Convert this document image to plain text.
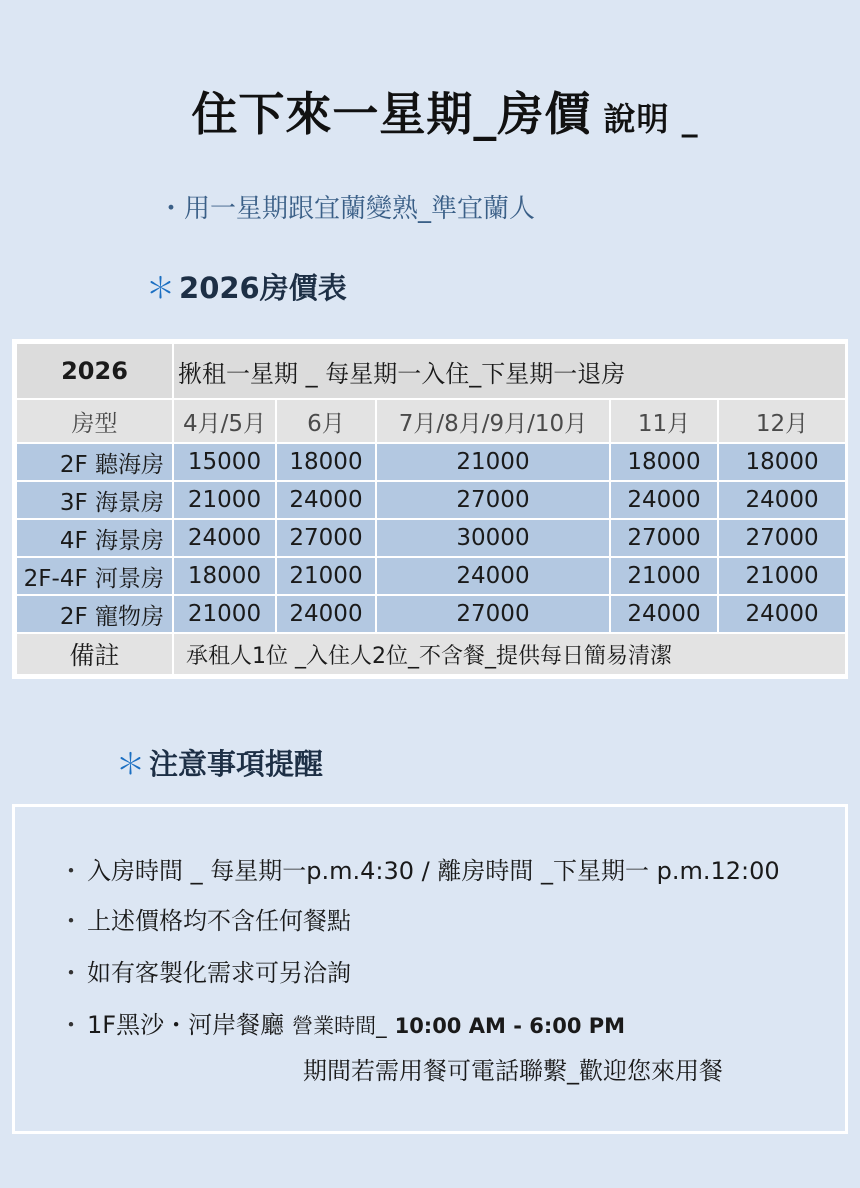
住下來一星期_房價 說明 _
・用一星期跟宜蘭變熟_準宜蘭人
＊ 2026房價表
2026	揪租一星期 _ 每星期一入住_下星期一退房				
房型	4月/5月	6月	7月/8月/9月/10月	11月	12月
2F 聽海房	15000	18000	21000	18000	18000
3F 海景房	21000	24000	27000	24000	24000
4F 海景房	24000	27000	30000	27000	27000
2F-4F 河景房	18000	21000	24000	21000	21000
2F 寵物房	21000	24000	27000	24000	24000
備註	承租人1位 _入住人2位_不含餐_提供每日簡易清潔				
＊ 注意事項提醒
・ 入房時間 _ 每星期一p.m.4:30 / 離房時間 _下星期一 p.m.12:00
・ 上述價格均不含任何餐點
・ 如有客製化需求可另洽詢
・ 1F黑沙・河岸餐廳 營業時間_ 10:00 AM - 6:00 PM
期間若需用餐可電話聯繫_歡迎您來用餐
